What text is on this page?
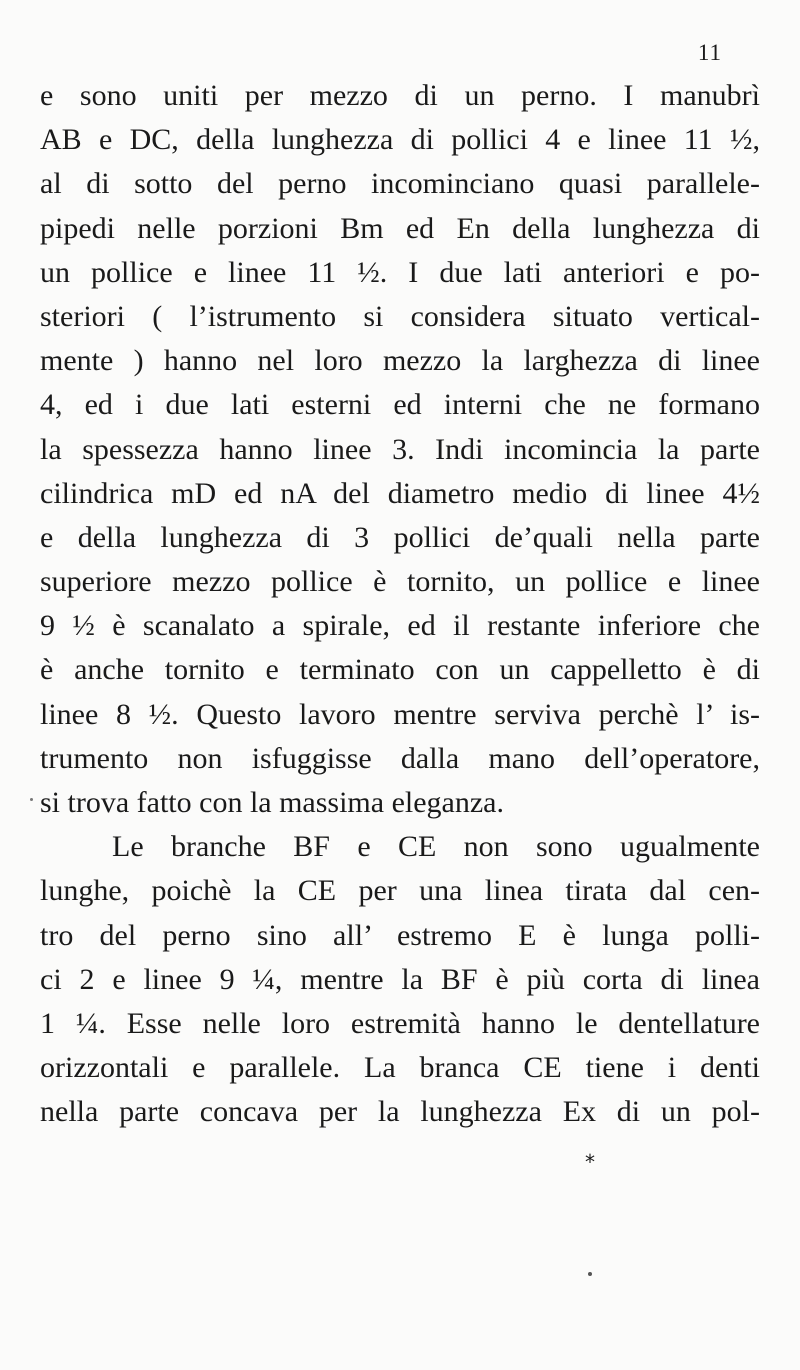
11
e sono uniti per mezzo di un perno. I manubrì
AB e DC, della lunghezza di pollici 4 e linee 11 ½,
al di sotto del perno incominciano quasi parallele-
pipedi nelle porzioni Bm ed En della lunghezza di
un pollice e linee 11 ½. I due lati anteriori e po-
steriori ( l’istrumento si considera situato vertical-
mente ) hanno nel loro mezzo la larghezza di linee
4, ed i due lati esterni ed interni che ne formano
la spessezza hanno linee 3. Indi incomincia la parte
cilindrica mD ed nA del diametro medio di linee 4½
e della lunghezza di 3 pollici de’quali nella parte
superiore mezzo pollice è tornito, un pollice e linee
9 ½ è scanalato a spirale, ed il restante inferiore che
è anche tornito e terminato con un cappelletto è di
linee 8 ½. Questo lavoro mentre serviva perchè l’ is-
trumento non isfuggisse dalla mano dell’operatore,
si trova fatto con la massima eleganza.
Le branche BF e CE non sono ugualmente
lunghe, poichè la CE per una linea tirata dal cen-
tro del perno sino all’ estremo E è lunga polli-
ci 2 e linee 9 ¼, mentre la BF è più corta di linea
1 ¼. Esse nelle loro estremità hanno le dentellature
orizzontali e parallele. La branca CE tiene i denti
nella parte concava per la lunghezza Ex di un pol-
*
